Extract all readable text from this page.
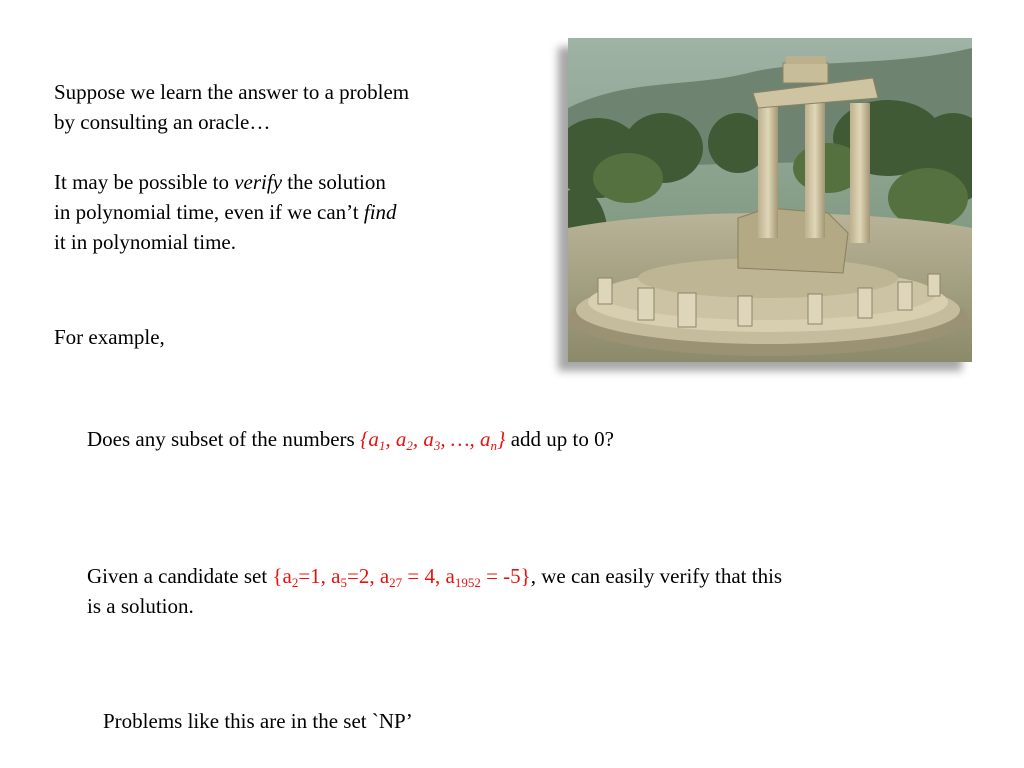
Suppose we learn the answer to a problem
by consulting an oracle…
It may be possible to verify the solution
in polynomial time, even if we can’t find
it in polynomial time.
For example,
Does any subset of the numbers {$a_1$, $a_2$, $a_3$, …, $a_n$} add up to 0?
Given a candidate set {$a_2=1$, $a_5=2$, $a_{27} = 4$, $a_{1952} = -5$}, we can easily verify that this
is a solution.
Problems like this are in the set `NP’
